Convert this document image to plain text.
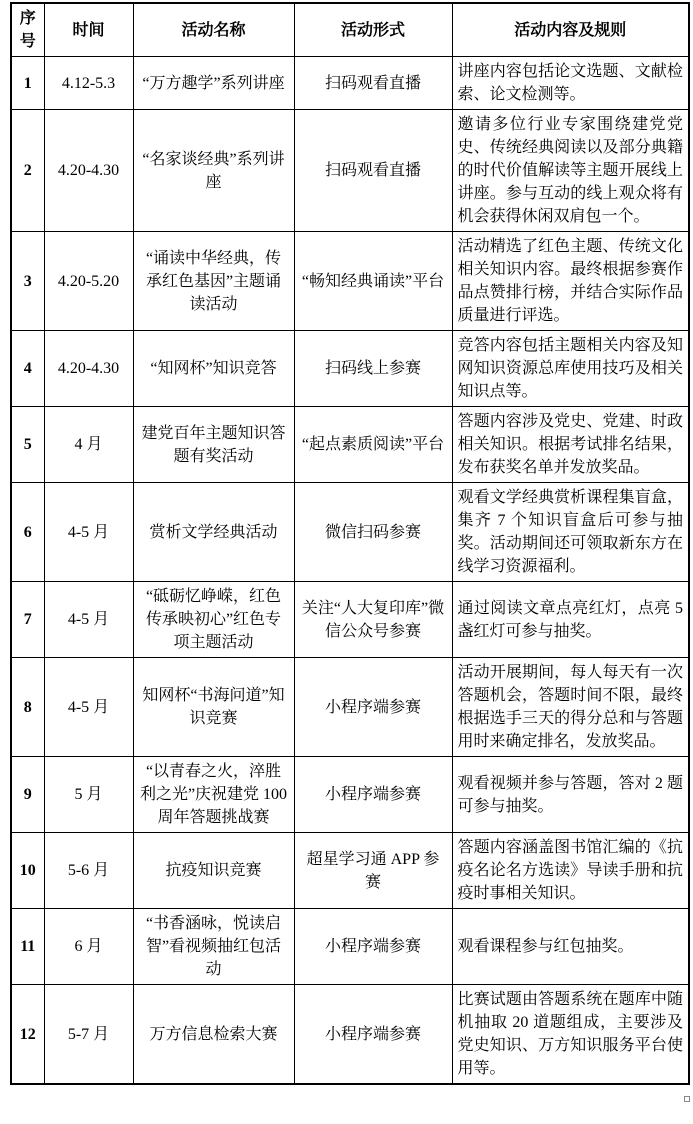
序号	时间	活动名称	活动形式	活动内容及规则
1	4.12-5.3	“万方趣学”系列讲座	扫码观看直播	讲座内容包括论文选题、文献检索、论文检测等。
2	4.20-4.30	“名家谈经典”系列讲座	扫码观看直播	邀请多位行业专家围绕建党党史、传统经典阅读以及部分典籍的时代价值解读等主题开展线上讲座。参与互动的线上观众将有机会获得休闲双肩包一个。
3	4.20-5.20	“诵读中华经典，传承红色基因”主题诵读活动	“畅知经典诵读”平台	活动精选了红色主题、传统文化相关知识内容。最终根据参赛作品点赞排行榜，并结合实际作品质量进行评选。
4	4.20-4.30	“知网杯”知识竞答	扫码线上参赛	竞答内容包括主题相关内容及知网知识资源总库使用技巧及相关知识点等。
5	4 月	建党百年主题知识答题有奖活动	“起点素质阅读”平台	答题内容涉及党史、党建、时政相关知识。根据考试排名结果，发布获奖名单并发放奖品。
6	4-5 月	赏析文学经典活动	微信扫码参赛	观看文学经典赏析课程集盲盒，集齐 7 个知识盲盒后可参与抽奖。活动期间还可领取新东方在线学习资源福利。
7	4-5 月	“砥砺忆峥嵘，红色传承映初心”红色专项主题活动	关注“人大复印库”微信公众号参赛	通过阅读文章点亮红灯，点亮 5 盏红灯可参与抽奖。
8	4-5 月	知网杯“书海问道”知识竞赛	小程序端参赛	活动开展期间，每人每天有一次答题机会，答题时间不限，最终根据选手三天的得分总和与答题用时来确定排名，发放奖品。
9	5 月	“以青春之火，淬胜利之光”庆祝建党 100 周年答题挑战赛	小程序端参赛	观看视频并参与答题，答对 2 题可参与抽奖。
10	5-6 月	抗疫知识竞赛	超星学习通 APP 参赛	答题内容涵盖图书馆汇编的《抗疫名论名方选读》导读手册和抗疫时事相关知识。
11	6 月	“书香涵咏，悦读启智”看视频抽红包活动	小程序端参赛	观看课程参与红包抽奖。
12	5-7 月	万方信息检索大赛	小程序端参赛	比赛试题由答题系统在题库中随机抽取 20 道题组成，主要涉及党史知识、万方知识服务平台使用等。
